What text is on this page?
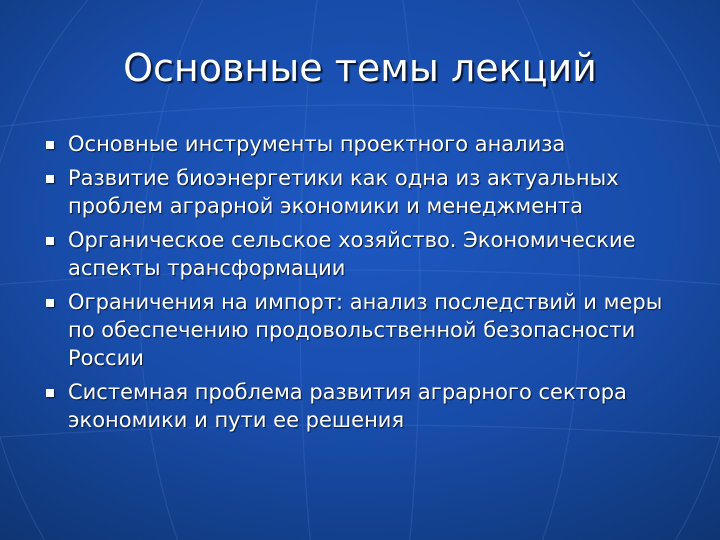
Основные темы лекций
Основные инструменты проектного анализа
Развитие биоэнергетики как одна из актуальных проблем аграрной экономики и менеджмента
Органическое сельское хозяйство. Экономические аспекты трансформации
Ограничения на импорт: анализ последствий и меры по обеспечению продовольственной безопасности России
Системная проблема развития аграрного сектора экономики и пути ее решения
